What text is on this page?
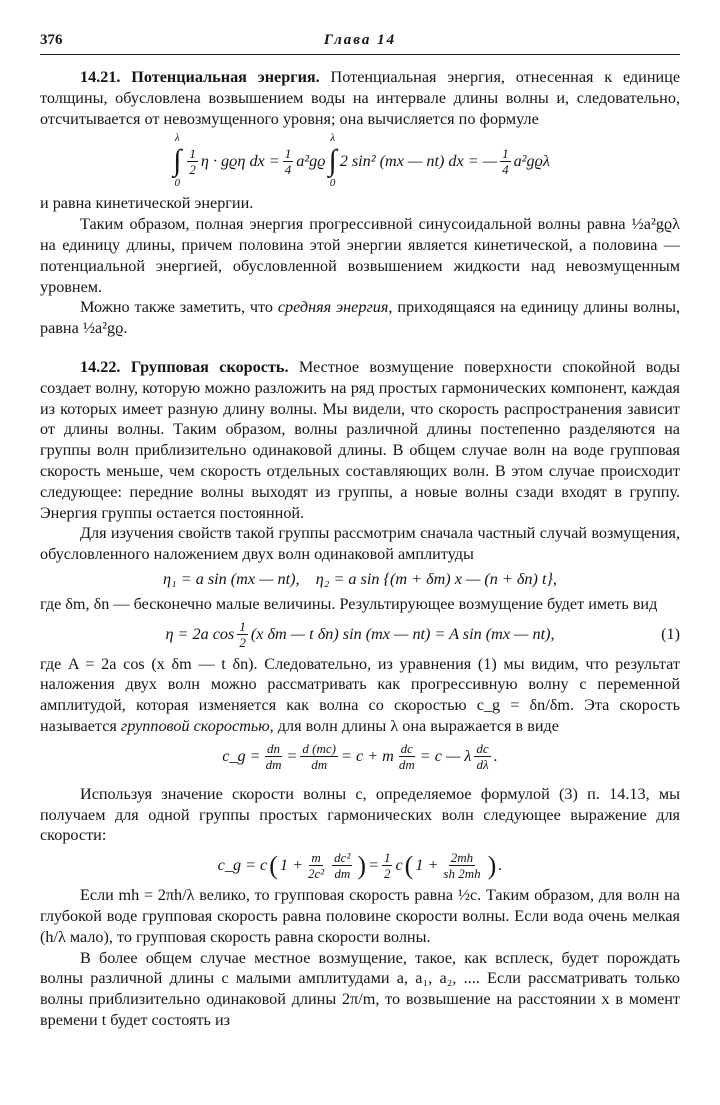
376	Глава 14

14.21. Потенциальная энергия. Потенциальная энергия, отнесенная к единице толщины, обусловлена возвышением воды на интервале длины волны и, следовательно, отсчитывается от невозмущенного уровня; она вычисляется по формуле

λ
∫
0
$\frac{1}{2}$ η · gϱη dx = $\frac{1}{4} a^2gϱ$
λ
∫
0
2 sin² (mx — nt) dx = — $\frac{1}{4} a^2gϱ\lambda$

и равна кинетической энергии.

Таким образом, полная энергия прогрессивной синусоидальной волны равна ½a²gϱλ на единицу длины, причем половина этой энергии является кинетической, а половина — потенциальной энергией, обусловленной возвышением жидкости над невозмущенным уровнем.

Можно также заметить, что средняя энергия, приходящаяся на единицу длины волны, равна ½a²gϱ.

14.22. Групповая скорость. Местное возмущение поверхности спокойной воды создает волну, которую можно разложить на ряд простых гармонических компонент, каждая из которых имеет разную длину волны. Мы видели, что скорость распространения зависит от длины волны. Таким образом, волны различной длины постепенно разделяются на группы волн приблизительно одинаковой длины. В общем случае волн на воде групповая скорость меньше, чем скорость отдельных составляющих волн. В этом случае происходит следующее: передние волны выходят из группы, а новые волны сзади входят в группу. Энергия группы остается постоянной.

Для изучения свойств такой группы рассмотрим сначала частный случай возмущения, обусловленного наложением двух волн одинаковой амплитуды

η₁ = a sin (mx — nt),    η₂ = a sin {(m + δm) x — (n + δn) t},

где δm, δn — бесконечно малые величины. Результирующее возмущение будет иметь вид

η = 2a $\cos \frac{1}{2} (x$ δm — t δn) sin (mx — nt) = A sin (mx — nt),	(1)

где A = 2a cos (x δm — t δn). Следовательно, из уравнения (1) мы видим, что результат наложения двух волн можно рассматривать как прогрессивную волну с переменной амплитудой, которая изменяется как волна со скоростью c_g = δn/δm. Эта скорость называется групповой скоростью, для волн длины λ она выражается в виде

c_g = $\frac{dn}{dm} = \frac{d (mc)}{dm} = c + m \frac{dc}{dm} = c$ — λ $\frac{dc}{d\lambda}$ .

Используя значение скорости волны c, определяемое формулой (3) п. 14.13, мы получаем для одной группы простых гармонических волн следующее выражение для скорости:

c_g = c ( $1 + \frac{m}{\text{2c²}} \frac{\text{dc²}}{dm}$ ) = $\frac{1}{2}$ c ( $1 + \frac{2mh}{sh 2mh}$ ) .

Если mh = 2πh/λ велико, то групповая скорость равна ½c. Таким образом, для волн на глубокой воде групповая скорость равна половине скорости волны. Если вода очень мелкая (h/λ мало), то групповая скорость равна скорости волны.

В более общем случае местное возмущение, такое, как всплеск, будет порождать волны различной длины с малыми амплитудами a, a₁, a₂, .... Если рассматривать только волны приблизительно одинаковой длины 2π/m, то возвышение на расстоянии x в момент времени t будет состоять из
